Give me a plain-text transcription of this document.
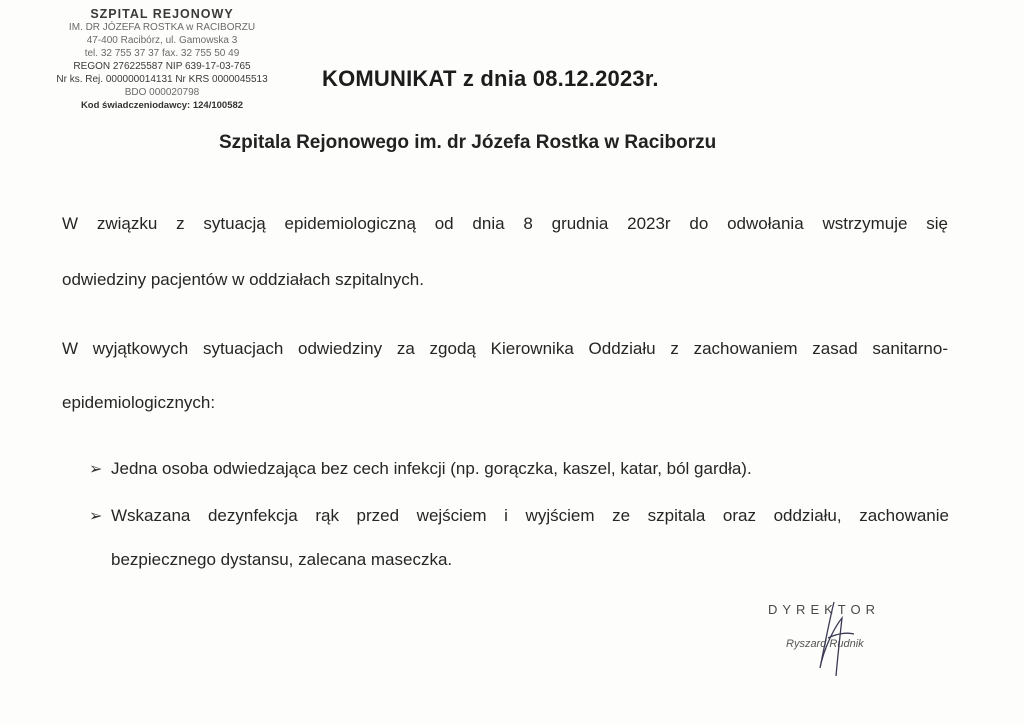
SZPITAL REJONOWY
IM. DR JÓZEFA ROSTKA w RACIBORZU
47-400 Racibórz, ul. Gamowska 3
tel. 32 755 37 37 fax. 32 755 50 49
REGON 276225587 NIP 639-17-03-765
Nr ks. Rej. 000000014131 Nr KRS 0000045513
BDO 000020798
Kod świadczeniodawcy: 124/100582
KOMUNIKAT z dnia 08.12.2023r.
Szpitala Rejonowego im. dr Józefa Rostka w Raciborzu
W związku z sytuacją epidemiologiczną od dnia 8 grudnia 2023r do odwołania wstrzymuje się
odwiedziny pacjentów w oddziałach szpitalnych.
W wyjątkowych sytuacjach odwiedziny za zgodą Kierownika Oddziału z zachowaniem zasad sanitarno-
epidemiologicznych:
➢ Jedna osoba odwiedzająca bez cech infekcji (np. gorączka, kaszel, katar, ból gardła).
➢ Wskazana dezynfekcja rąk przed wejściem i wyjściem ze szpitala oraz oddziału, zachowanie
bezpiecznego dystansu, zalecana maseczka.
DYREKTOR
Ryszard Rudnik
